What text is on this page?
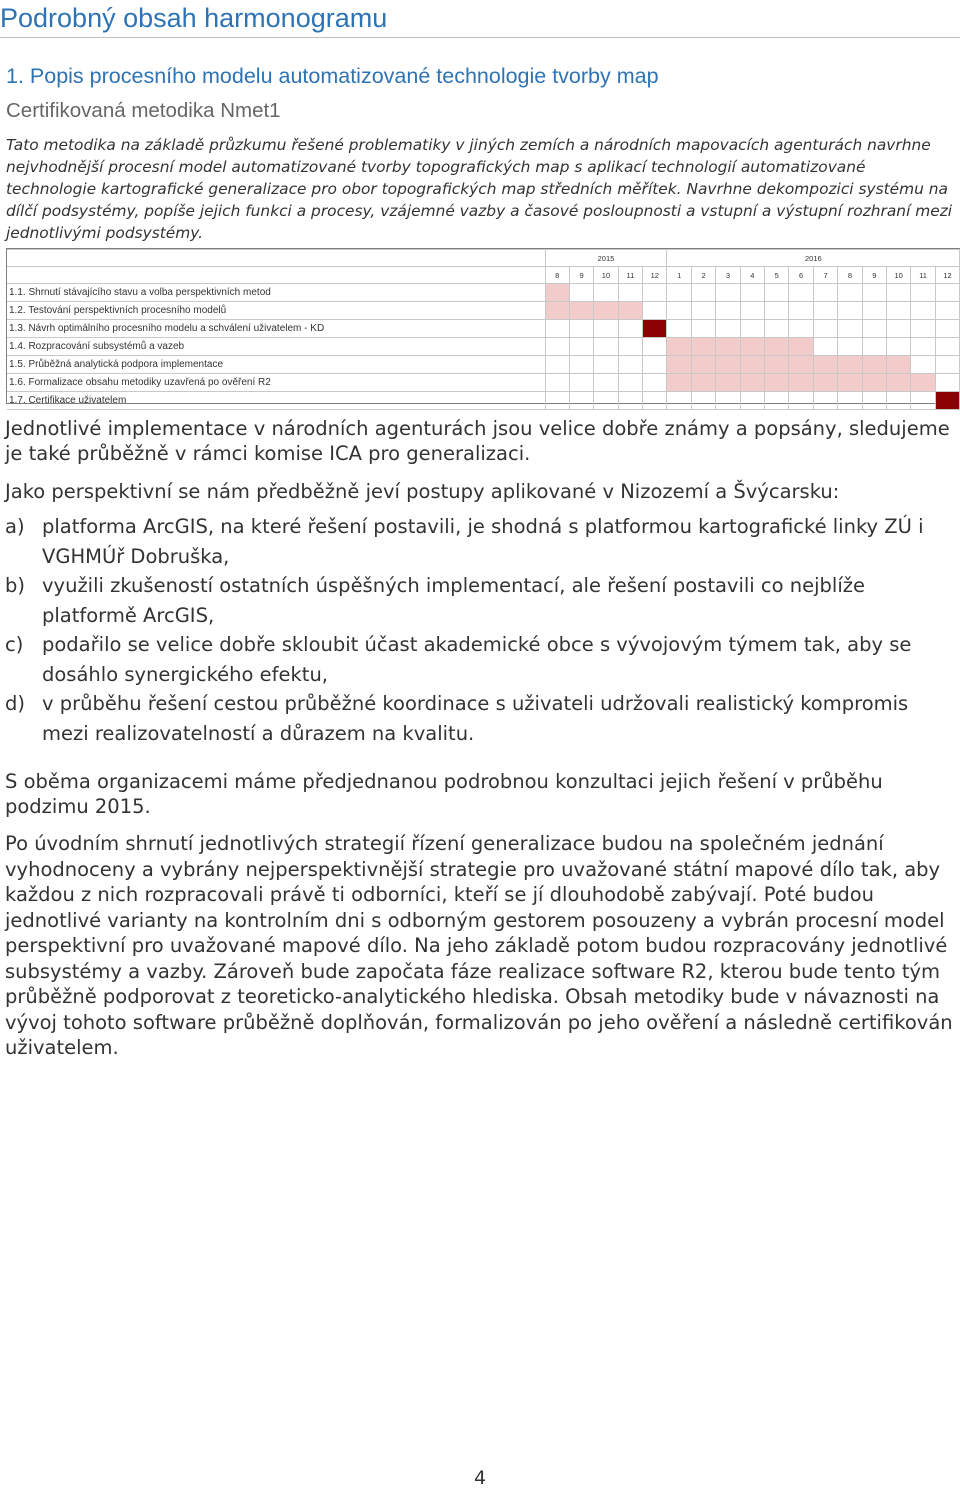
Podrobný obsah harmonogramu
1. Popis procesního modelu automatizované technologie tvorby map
Certifikovaná metodika Nmet1

Tato metodika na základě průzkumu řešené problematiky v jiných zemích a národních mapovacích agenturách navrhne nejvhodnější procesní model automatizované tvorby topografických map s aplikací technologií automatizované technologie kartografické generalizace pro obor topografických map středních měřítek. Navrhne dekompozici systému na dílčí podsystémy, popíše jejich funkci a procesy, vzájemné vazby a časové posloupnosti a vstupní a výstupní rozhraní mezi jednotlivými podsystémy.

	2015					2016											
	8	9	10	11	12	1	2	3	4	5	6	7	8	9	10	11	12
1.1. Shrnutí stávajícího stavu a volba perspektivních metod																	
1.2. Testování perspektivních procesního modelů																	
1.3. Návrh optimálního procesního modelu a schválení uživatelem - KD																	
1.4. Rozpracování subsystémů a vazeb																	
1.5. Průběžná analytická podpora implementace																	
1.6. Formalizace obsahu metodiky uzavřená po ověření R2																	
1.7. Certifikace uživatelem																	

Jednotlivé implementace v národních agenturách jsou velice dobře známy a popsány, sledujeme je také průběžně v rámci komise ICA pro generalizaci.

Jako perspektivní se nám předběžně jeví postupy aplikované v Nizozemí a Švýcarsku:

a) platforma ArcGIS, na které řešení postavili, je shodná s platformou kartografické linky ZÚ i VGHMÚř Dobruška,
b) využili zkušeností ostatních úspěšných implementací, ale řešení postavili co nejblíže platformě ArcGIS,
c) podařilo se velice dobře skloubit účast akademické obce s vývojovým týmem tak, aby se dosáhlo synergického efektu,
d) v průběhu řešení cestou průběžné koordinace s uživateli udržovali realistický kompromis mezi realizovatelností a důrazem na kvalitu.

S oběma organizacemi máme předjednanou podrobnou konzultaci jejich řešení v průběhu podzimu 2015.

Po úvodním shrnutí jednotlivých strategií řízení generalizace budou na společném jednání vyhodnoceny a vybrány nejperspektivnější strategie pro uvažované státní mapové dílo tak, aby každou z nich rozpracovali právě ti odborníci, kteří se jí dlouhodobě zabývají. Poté budou jednotlivé varianty na kontrolním dni s odborným gestorem posouzeny a vybrán procesní model perspektivní pro uvažované mapové dílo. Na jeho základě potom budou rozpracovány jednotlivé subsystémy a vazby. Zároveň bude započata fáze realizace software R2, kterou bude tento tým průběžně podporovat z teoreticko-analytického hlediska. Obsah metodiky bude v návaznosti na vývoj tohoto software průběžně doplňován, formalizován po jeho ověření a následně certifikován uživatelem.

4
